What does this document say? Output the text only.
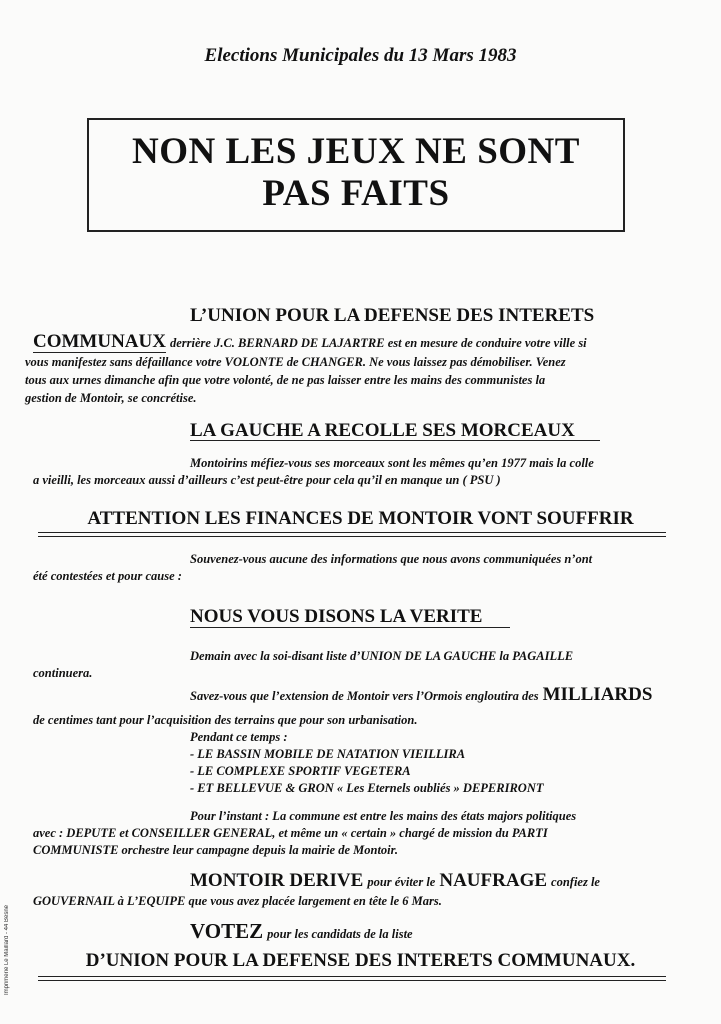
Elections Municipales du 13 Mars 1983
NON LES JEUX NE SONT
PAS FAITS
L’UNION POUR LA DEFENSE DES INTERETS
COMMUNAUX derrière J.C. BERNARD DE LAJARTRE est en mesure de conduire votre ville si
vous manifestez sans défaillance votre VOLONTE de CHANGER. Ne vous laissez pas démobiliser. Venez
tous aux urnes dimanche afin que votre volonté, de ne pas laisser entre les mains des communistes la
gestion de Montoir, se concrétise.
LA GAUCHE A RECOLLE SES MORCEAUX
Montoirins méfiez-vous ses morceaux sont les mêmes qu’en 1977 mais la colle
a vieilli, les morceaux aussi d’ailleurs c’est peut-être pour cela qu’il en manque un ( PSU )
ATTENTION LES FINANCES DE MONTOIR VONT SOUFFRIR
Souvenez-vous aucune des informations que nous avons communiquées n’ont
été contestées et pour cause :
NOUS VOUS DISONS LA VERITE
Demain avec la soi-disant liste d’UNION DE LA GAUCHE la PAGAILLE
continuera.
Savez-vous que l’extension de Montoir vers l’Ormois engloutira des MILLIARDS
de centimes tant pour l’acquisition des terrains que pour son urbanisation.
Pendant ce temps :
- LE BASSIN MOBILE DE NATATION VIEILLIRA
- LE COMPLEXE SPORTIF VEGETERA
- ET BELLEVUE & GRON « Les Eternels oubliés » DEPERIRONT
Pour l’instant : La commune est entre les mains des états majors politiques
avec : DEPUTE et CONSEILLER GENERAL, et même un « certain » chargé de mission du PARTI
COMMUNISTE orchestre leur campagne depuis la mairie de Montoir.
MONTOIR DERIVE pour éviter le NAUFRAGE confiez le
GOUVERNAIL à L’EQUIPE que vous avez placée largement en tête le 6 Mars.
VOTEZ pour les candidats de la liste
D’UNION POUR LA DEFENSE DES INTERETS COMMUNAUX.
Imprimerie Le Maillard - 44 Besné
